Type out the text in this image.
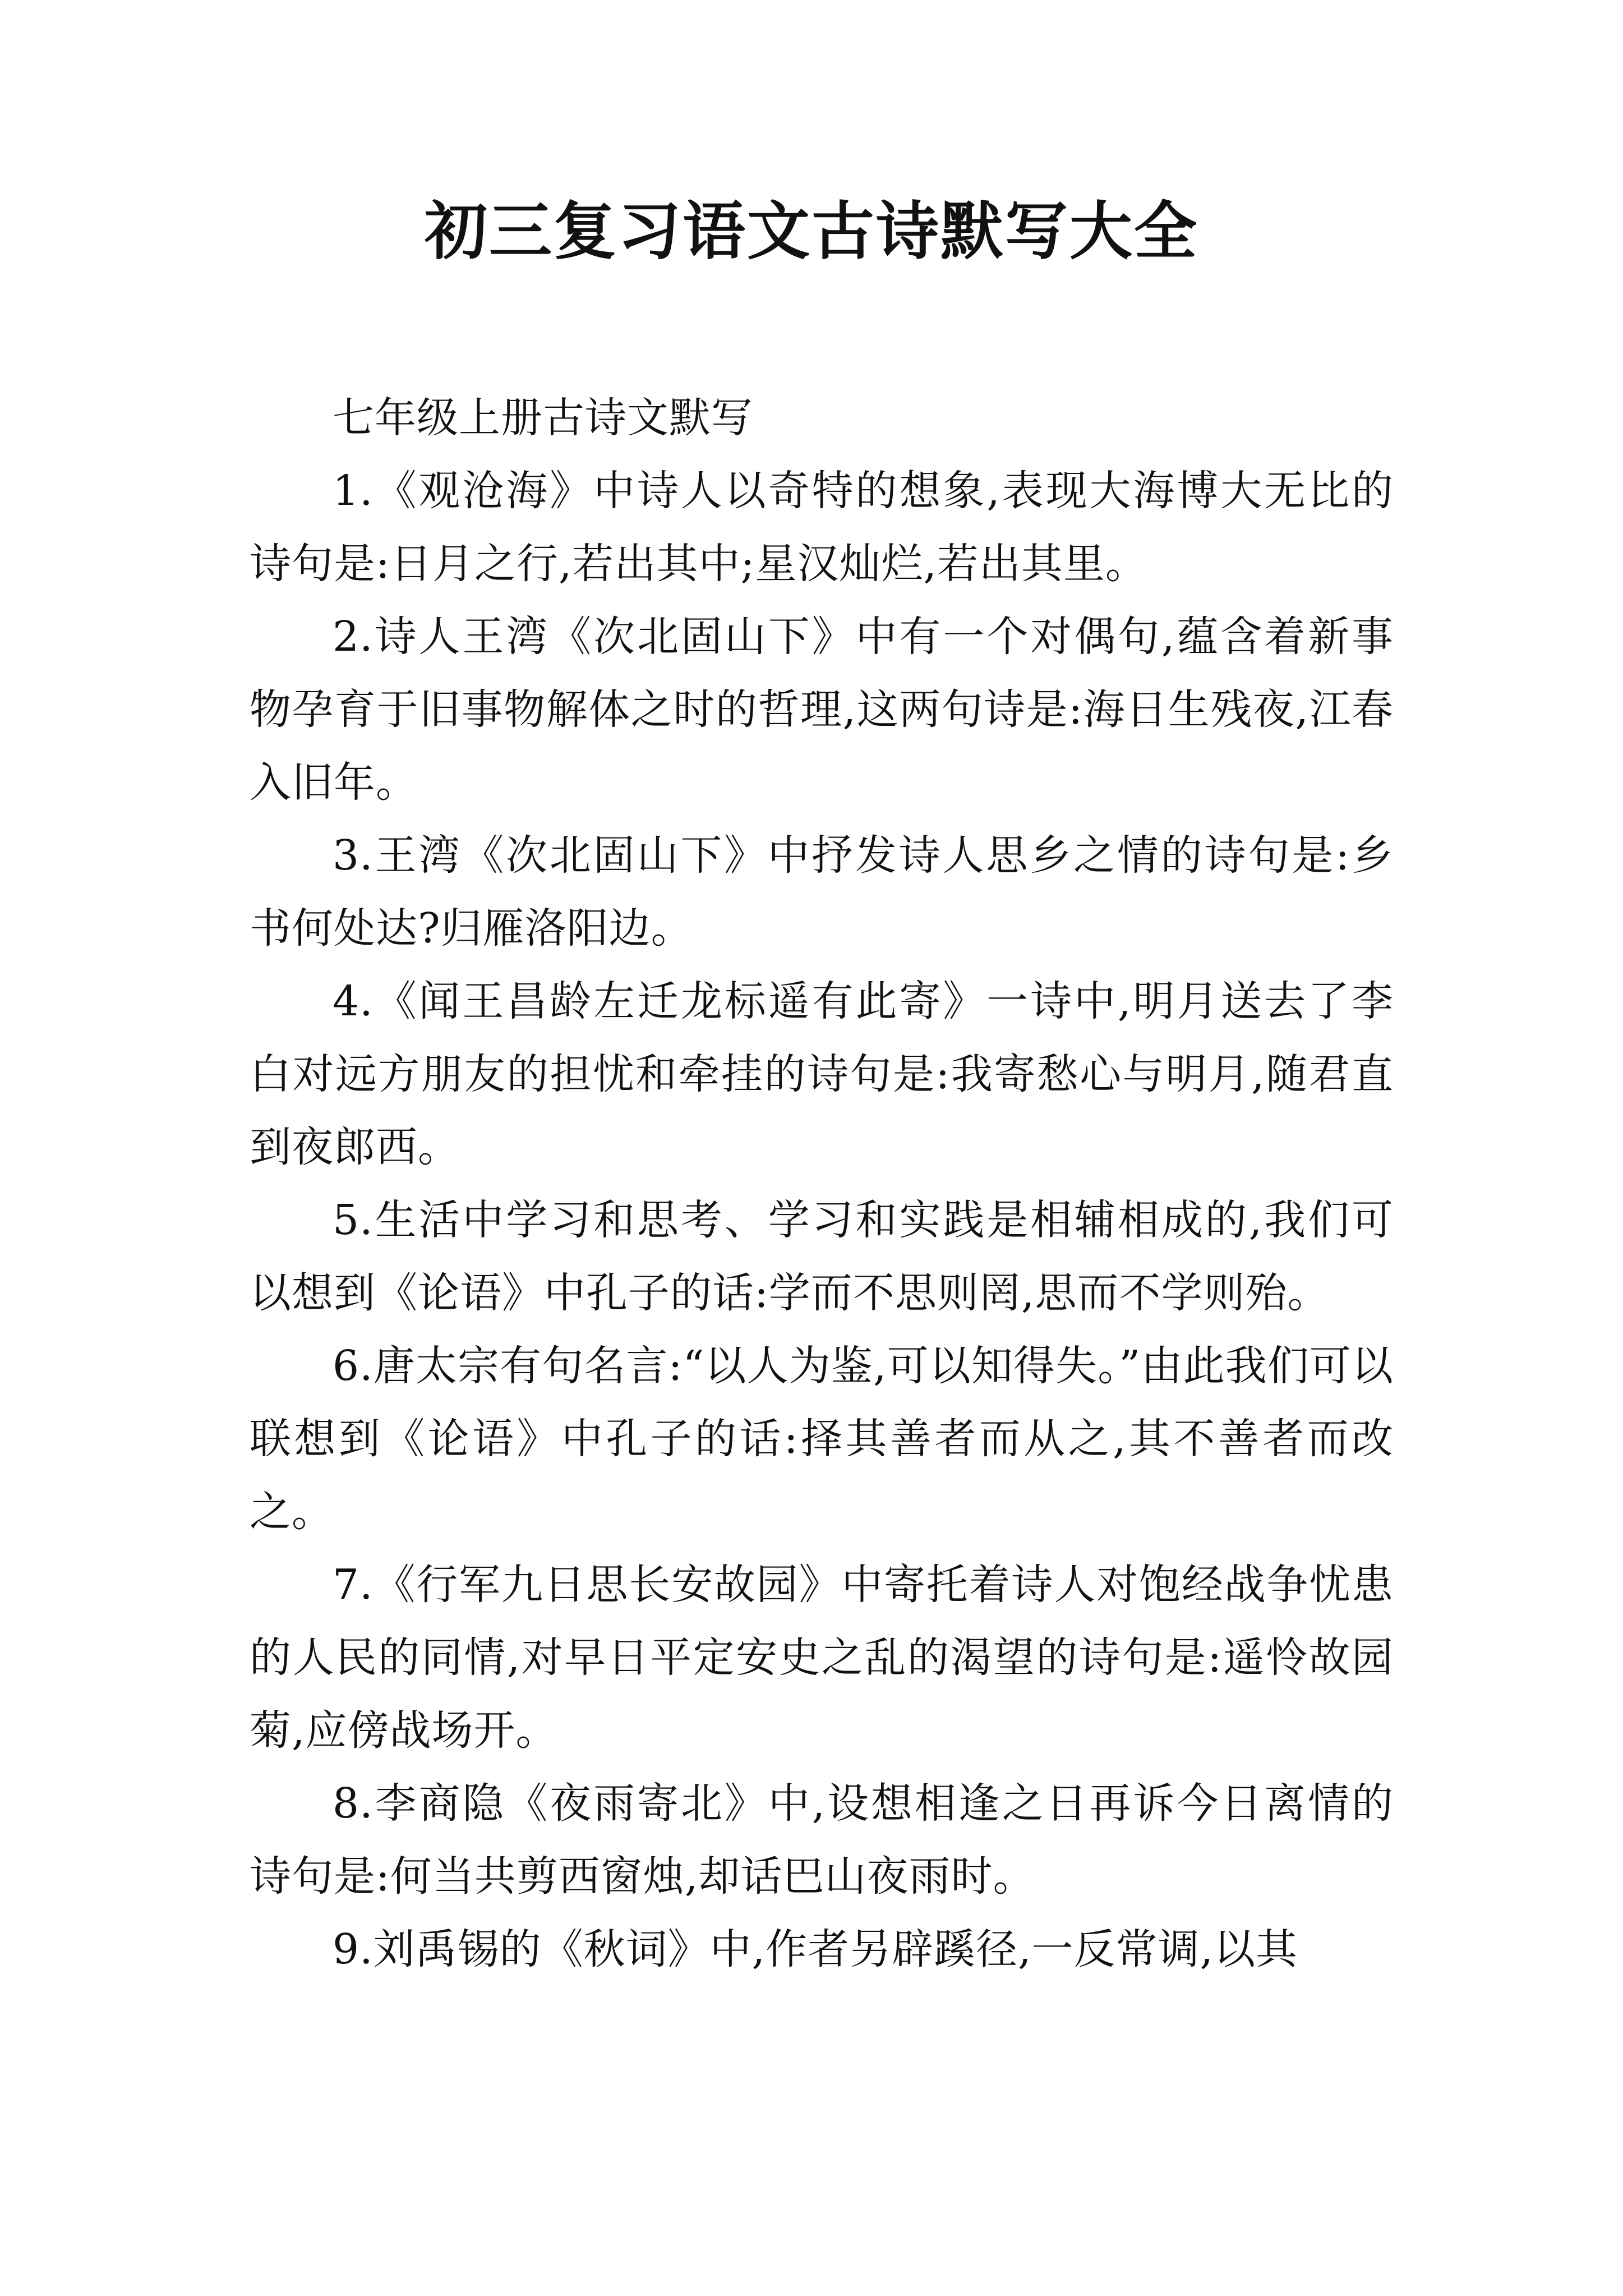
初三复习语文古诗默写大全

七年级上册古诗文默写

1.《观沧海》中诗人以奇特的想象,表现大海博大无比的诗句是:日月之行,若出其中;星汉灿烂,若出其里。

2.诗人王湾《次北固山下》中有一个对偶句,蕴含着新事物孕育于旧事物解体之时的哲理,这两句诗是:海日生残夜,江春入旧年。

3.王湾《次北固山下》中抒发诗人思乡之情的诗句是:乡书何处达?归雁洛阳边。

4.《闻王昌龄左迁龙标遥有此寄》一诗中,明月送去了李白对远方朋友的担忧和牵挂的诗句是:我寄愁心与明月,随君直到夜郎西。

5.生活中学习和思考、学习和实践是相辅相成的,我们可以想到《论语》中孔子的话:学而不思则罔,思而不学则殆。

6.唐太宗有句名言:“以人为鉴,可以知得失。”由此我们可以联想到《论语》中孔子的话:择其善者而从之,其不善者而改之。

7.《行军九日思长安故园》中寄托着诗人对饱经战争忧患的人民的同情,对早日平定安史之乱的渴望的诗句是:遥怜故园菊,应傍战场开。

8.李商隐《夜雨寄北》中,设想相逢之日再诉今日离情的诗句是:何当共剪西窗烛,却话巴山夜雨时。

9.刘禹锡的《秋词》中,作者另辟蹊径,一反常调,以其
